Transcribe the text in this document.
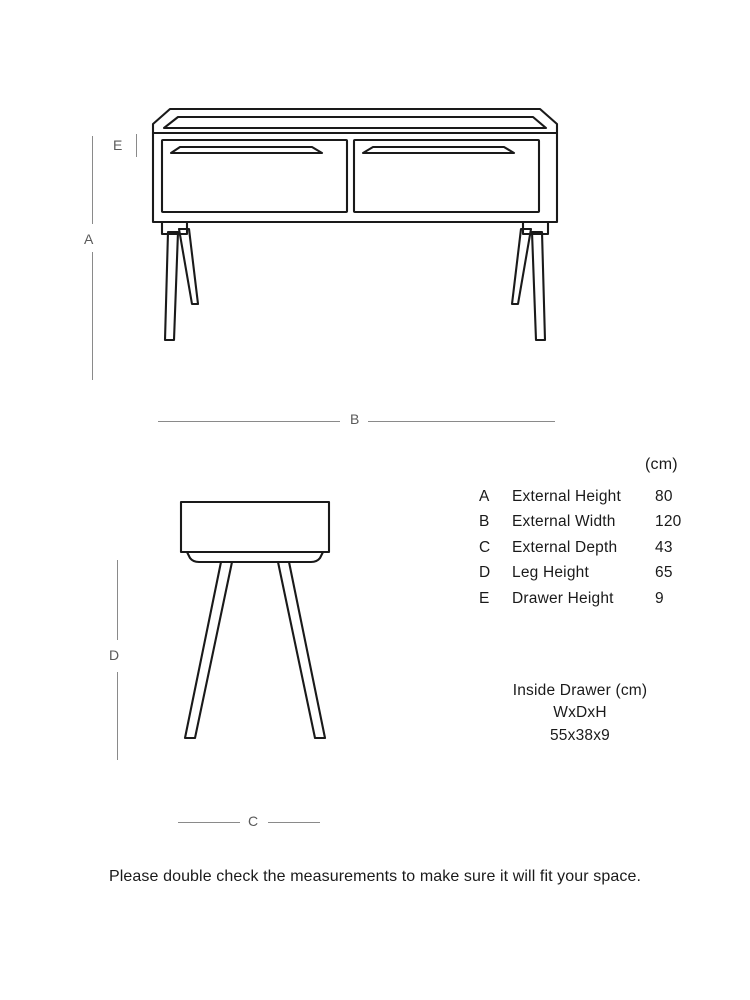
A
E
B
D
C
(cm)
A	External Height	80
B	External Width	120
C	External Depth	43
D	Leg Height	65
E	Drawer Height	9
Inside Drawer (cm)
WxDxH
55x38x9
Please double check the measurements to make sure it will fit your space.
